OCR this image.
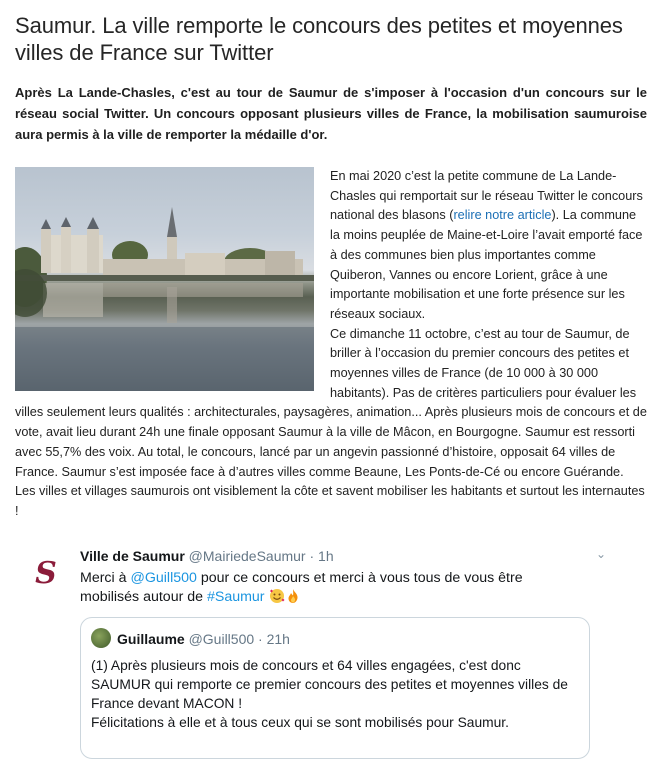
Saumur. La ville remporte le concours des petites et moyennes villes de France sur Twitter

Après La Lande-Chasles, c'est au tour de Saumur de s'imposer à l'occasion d'un concours sur le réseau social Twitter. Un concours opposant plusieurs villes de France, la mobilisation saumuroise aura permis à la ville de remporter la médaille d'or.

En mai 2020 c’est la petite commune de La Lande-Chasles qui remportait sur le réseau Twitter le concours national des blasons (relire notre article). La commune la moins peuplée de Maine-et-Loire l’avait emporté face à des communes bien plus importantes comme Quiberon, Vannes ou encore Lorient, grâce à une importante mobilisation et une forte présence sur les réseaux sociaux.

Ce dimanche 11 octobre, c’est au tour de Saumur, de briller à l’occasion du premier concours des petites et moyennes villes de France (de 10 000 à 30 000 habitants). Pas de critères particuliers pour évaluer les villes seulement leurs qualités : architecturales, paysagères, animation... Après plusieurs mois de concours et de vote, avait lieu durant 24h une finale opposant Saumur à la ville de Mâcon, en Bourgogne. Saumur est ressorti avec 55,7% des voix. Au total, le concours, lancé par un angevin passionné d’histoire, opposait 64 villes de France. Saumur s’est imposée face à d’autres villes comme Beaune, Les Ponts-de-Cé ou encore Guérande. Les villes et villages saumurois ont visiblement la côte et savent mobiliser les habitants et surtout les internautes !

S Ville de Saumur @MairiedeSaumur · 1h	⌄
Merci à @Guill500 pour ce concours et merci à vous tous de vous être mobilisés autour de #Saumur
Guillaume @Guill500 · 21h
(1) Après plusieurs mois de concours et 64 villes engagées, c'est donc SAUMUR qui remporte ce premier concours des petites et moyennes villes de France devant MACON !
Félicitations à elle et à tous ceux qui se sont mobilisés pour Saumur.
